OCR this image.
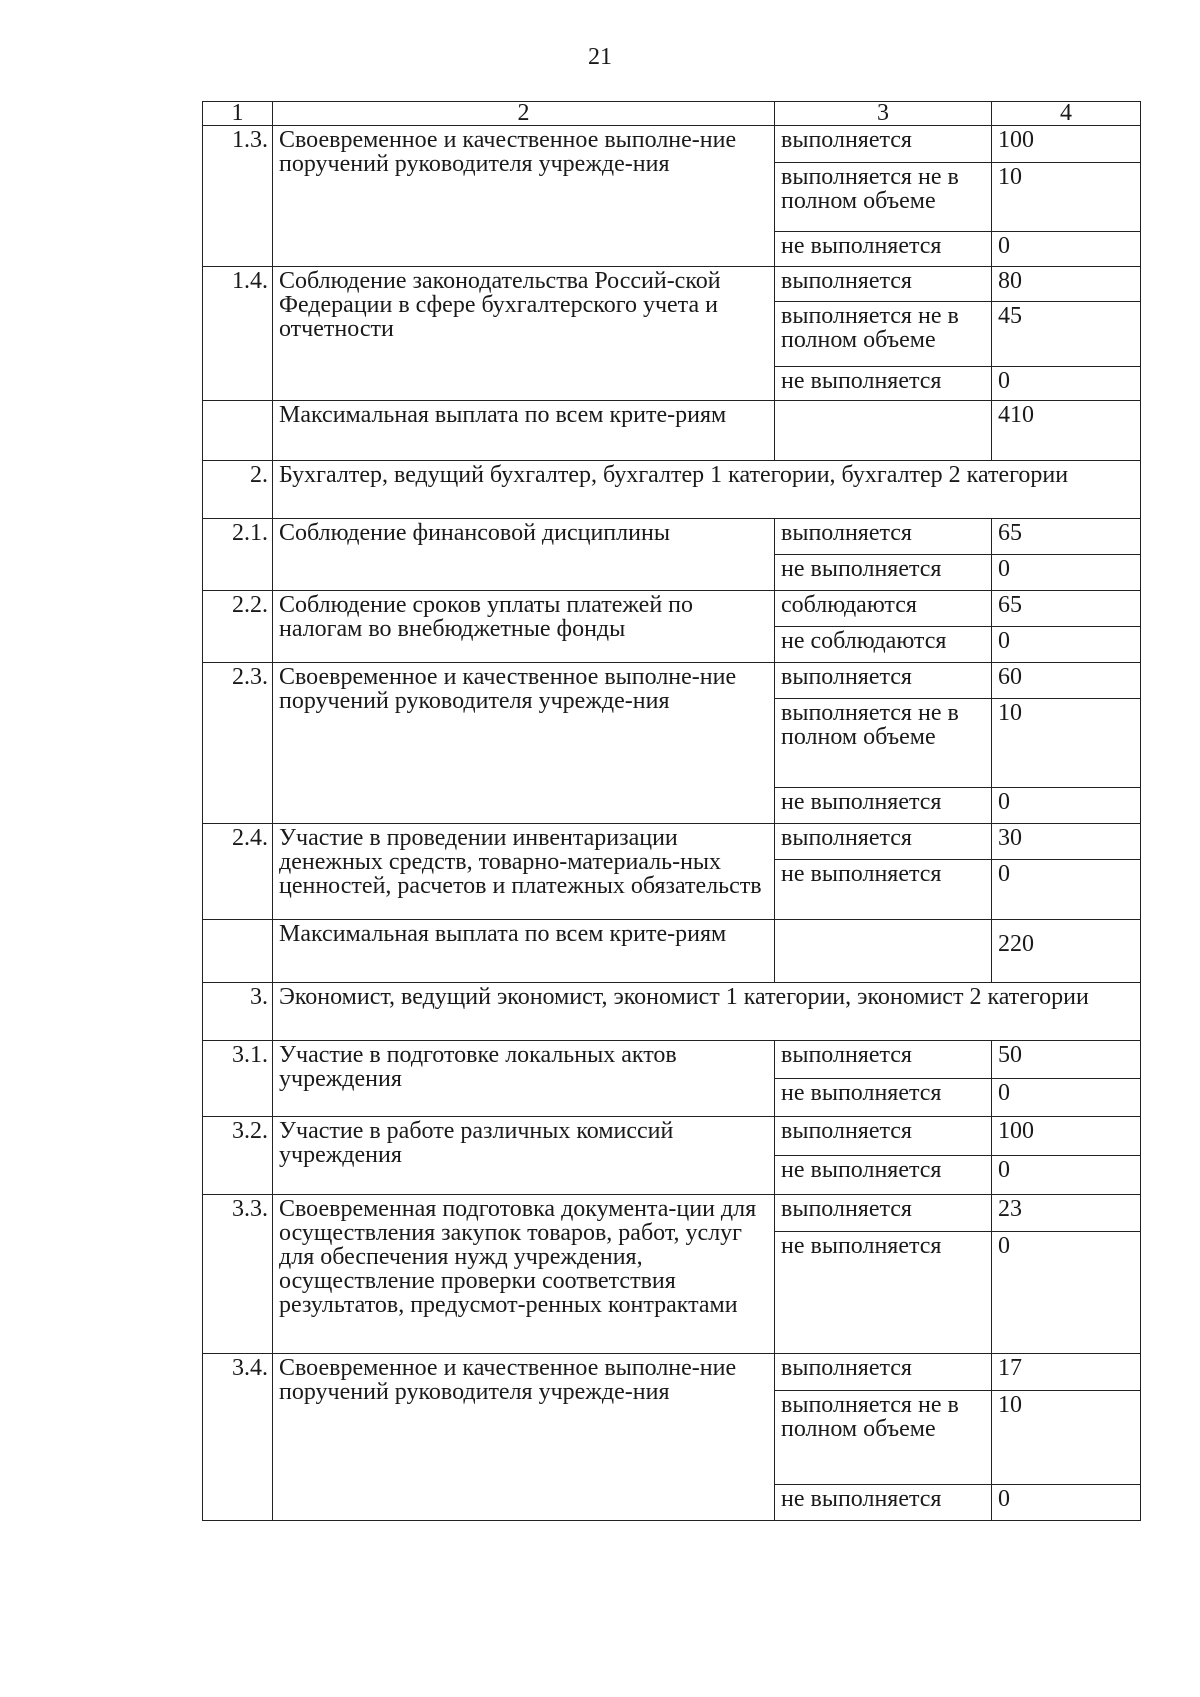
21
1	2	3	4
1.3.	Своевременное и качественное выполне-ние поручений руководителя учрежде-ния	выполняется	100
		выполняется не в полном объеме	10
		не выполняется	0
1.4.	Соблюдение законодательства Россий-ской Федерации в сфере бухгалтерского учета и отчетности	выполняется	80
		выполняется не в полном объеме	45
		не выполняется	0
	Максимальная выплата по всем крите-риям		410
2.	Бухгалтер, ведущий бухгалтер, бухгалтер 1 категории, бухгалтер 2 категории		
2.1.	Соблюдение финансовой дисциплины	выполняется	65
		не выполняется	0
2.2.	Соблюдение сроков уплаты платежей по налогам во внебюджетные фонды	соблюдаются	65
		не соблюдаются	0
2.3.	Своевременное и качественное выполне-ние поручений руководителя учрежде-ния	выполняется	60
		выполняется не в полном объеме	10
		не выполняется	0
2.4.	Участие в проведении инвентаризации денежных средств, товарно-материаль-ных ценностей, расчетов и платежных обязательств	выполняется	30
		не выполняется	0
	Максимальная выплата по всем крите-риям		220
3.	Экономист, ведущий экономист, экономист 1 категории, экономист 2 категории		
3.1.	Участие в подготовке локальных актов учреждения	выполняется	50
		не выполняется	0
3.2.	Участие в работе различных комиссий учреждения	выполняется	100
		не выполняется	0
3.3.	Своевременная подготовка документа-ции для осуществления закупок товаров, работ, услуг для обеспечения нужд учреждения, осуществление проверки соответствия результатов, предусмот-ренных контрактами	выполняется	23
		не выполняется	0
3.4.	Своевременное и качественное выполне-ние поручений руководителя учрежде-ния	выполняется	17
		выполняется не в полном объеме	10
		не выполняется	0
